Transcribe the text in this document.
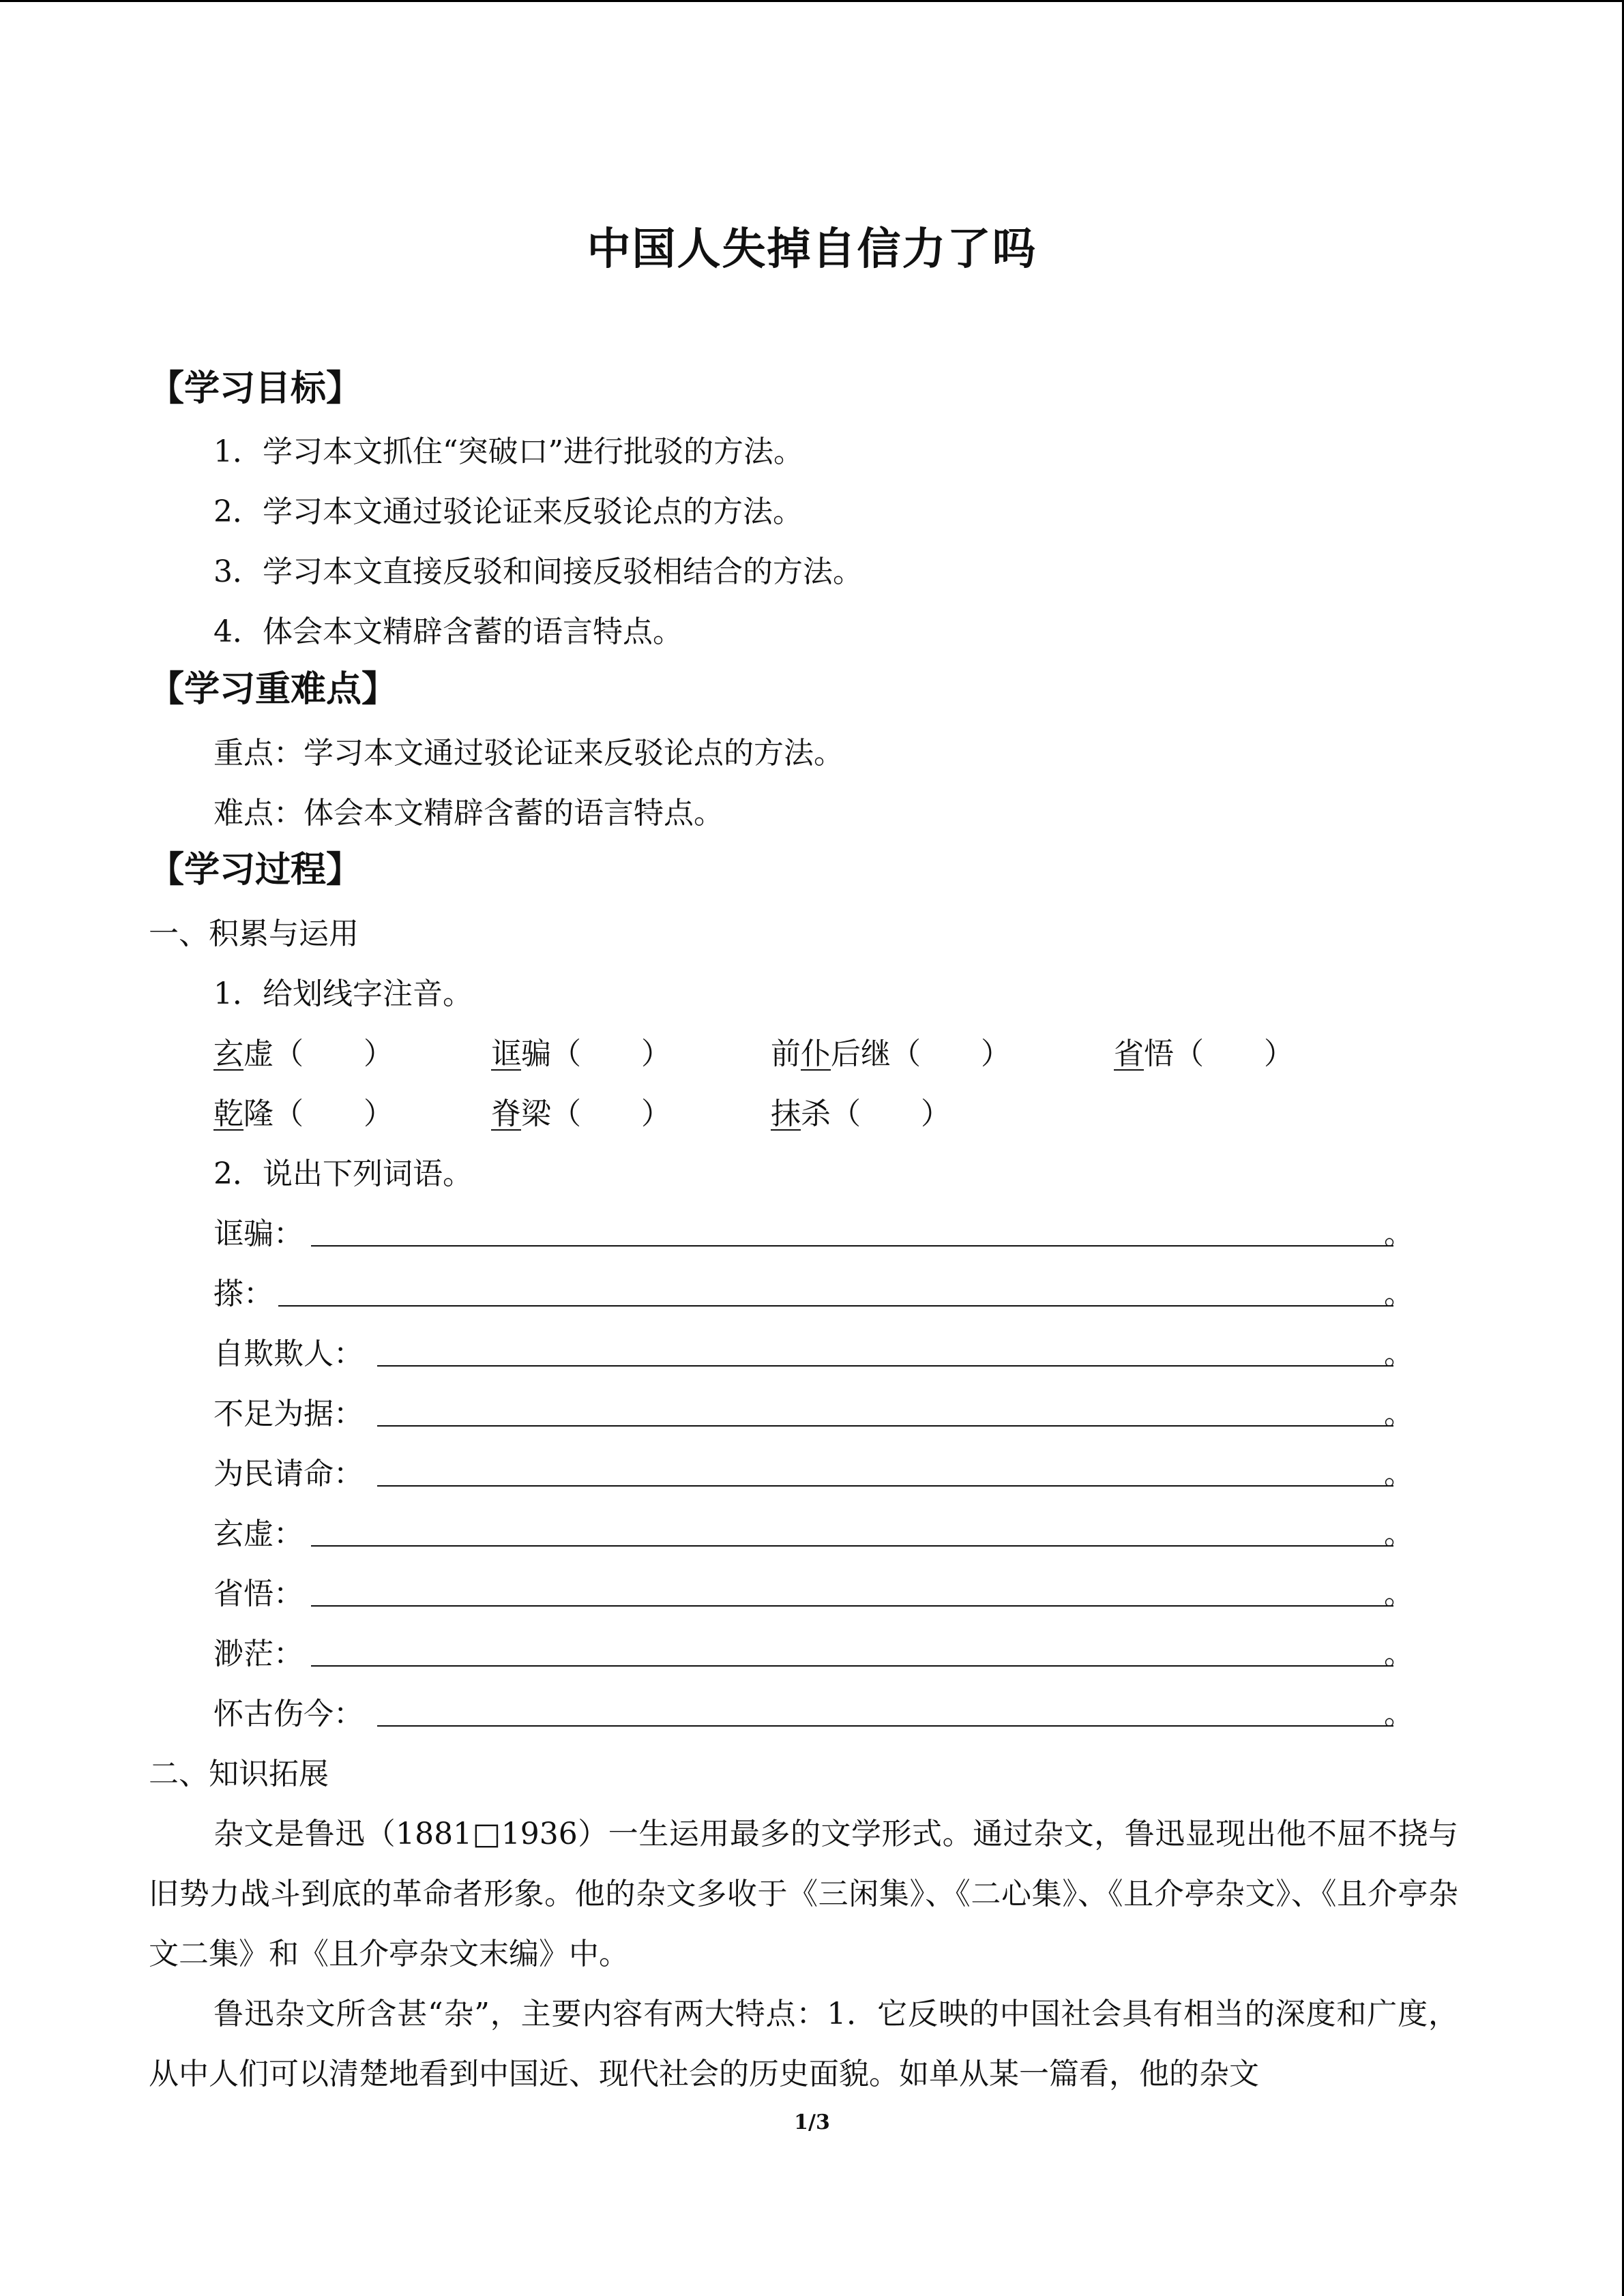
中国人失掉自信力了吗
【学习目标】
1．学习本文抓住“突破口”进行批驳的方法。
2．学习本文通过驳论证来反驳论点的方法。
3．学习本文直接反驳和间接反驳相结合的方法。
4．体会本文精辟含蓄的语言特点。
【学习重难点】
重点：学习本文通过驳论证来反驳论点的方法。
难点：体会本文精辟含蓄的语言特点。
【学习过程】
一、积累与运用
1．给划线字注音。
玄虚（　　）	诓骗（　　）	前仆后继（　　）	省悟（　　）
乾隆（　　）	脊梁（　　）	抹杀（　　）
2．说出下列词语。
诓骗：	。
搽：	。
自欺欺人：	。
不足为据：	。
为民请命：	。
玄虚：	。
省悟：	。
渺茫：	。
怀古伤今：	。
二、知识拓展
杂文是鲁迅（1881□1936）一生运用最多的文学形式。通过杂文，鲁迅显现出他不屈不挠与旧势力战斗到底的革命者形象。他的杂文多收于《三闲集》、《二心集》、《且介亭杂文》、《且介亭杂文二集》和《且介亭杂文末编》中。
鲁迅杂文所含甚“杂”，主要内容有两大特点：1．它反映的中国社会具有相当的深度和广度，从中人们可以清楚地看到中国近、现代社会的历史面貌。如单从某一篇看，他的杂文
1/3
